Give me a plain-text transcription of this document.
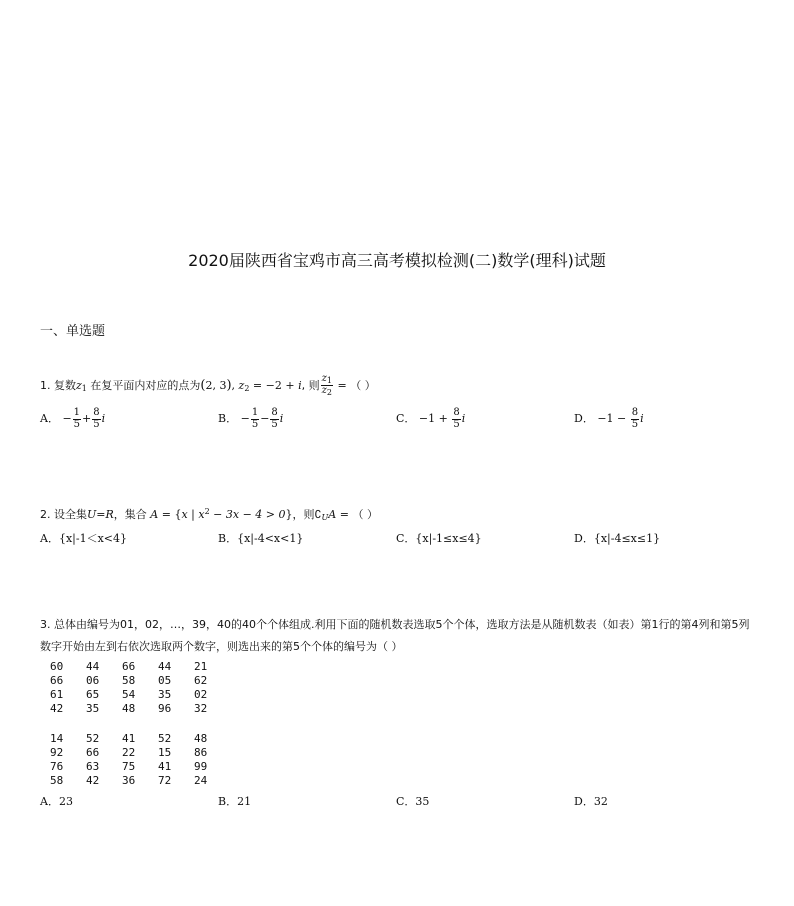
2020届陕西省宝鸡市高三高考模拟检测(二)数学(理科)试题
一、单选题
1. 复数$z_1$ 在复平面内对应的点为(2, 3), $z_2 = -2 + i$, 则 $\frac{z_1}{z_2}$ = （ ）
A． − $\frac{1}{5} + \frac{8}{5}$ i	B． − $\frac{1}{5} - \frac{8}{5}$ i	C． $-1 + \frac{8}{5}$ i	D． $-1 - \frac{8}{5}$ i
2. 设全集U=R，集合 A = {x | $x^2 - 3x - 4 > 0$}，则$∁_UA$ = （ ）
A．{x|-1＜x<4}	B．{x|-4<x<1}	C．{x|-1≤x≤4}	D．{x|-4≤x≤1}
3. 总体由编号为01，02，…，39，40的40个个体组成.利用下面的随机数表选取5个个体，选取方法是从随机数表（如表）第1行的第4列和第5列
数字开始由左到右依次选取两个数字，则选出来的第5个个体的编号为（ ）
60 44 66 44 21
66 06 58 05 62
61 65 54 35 02
42 35 48 96 32
14 52 41 52 48
92 66 22 15 86
76 63 75 41 99
58 42 36 72 24
A．23	B．21	C．35	D．32
